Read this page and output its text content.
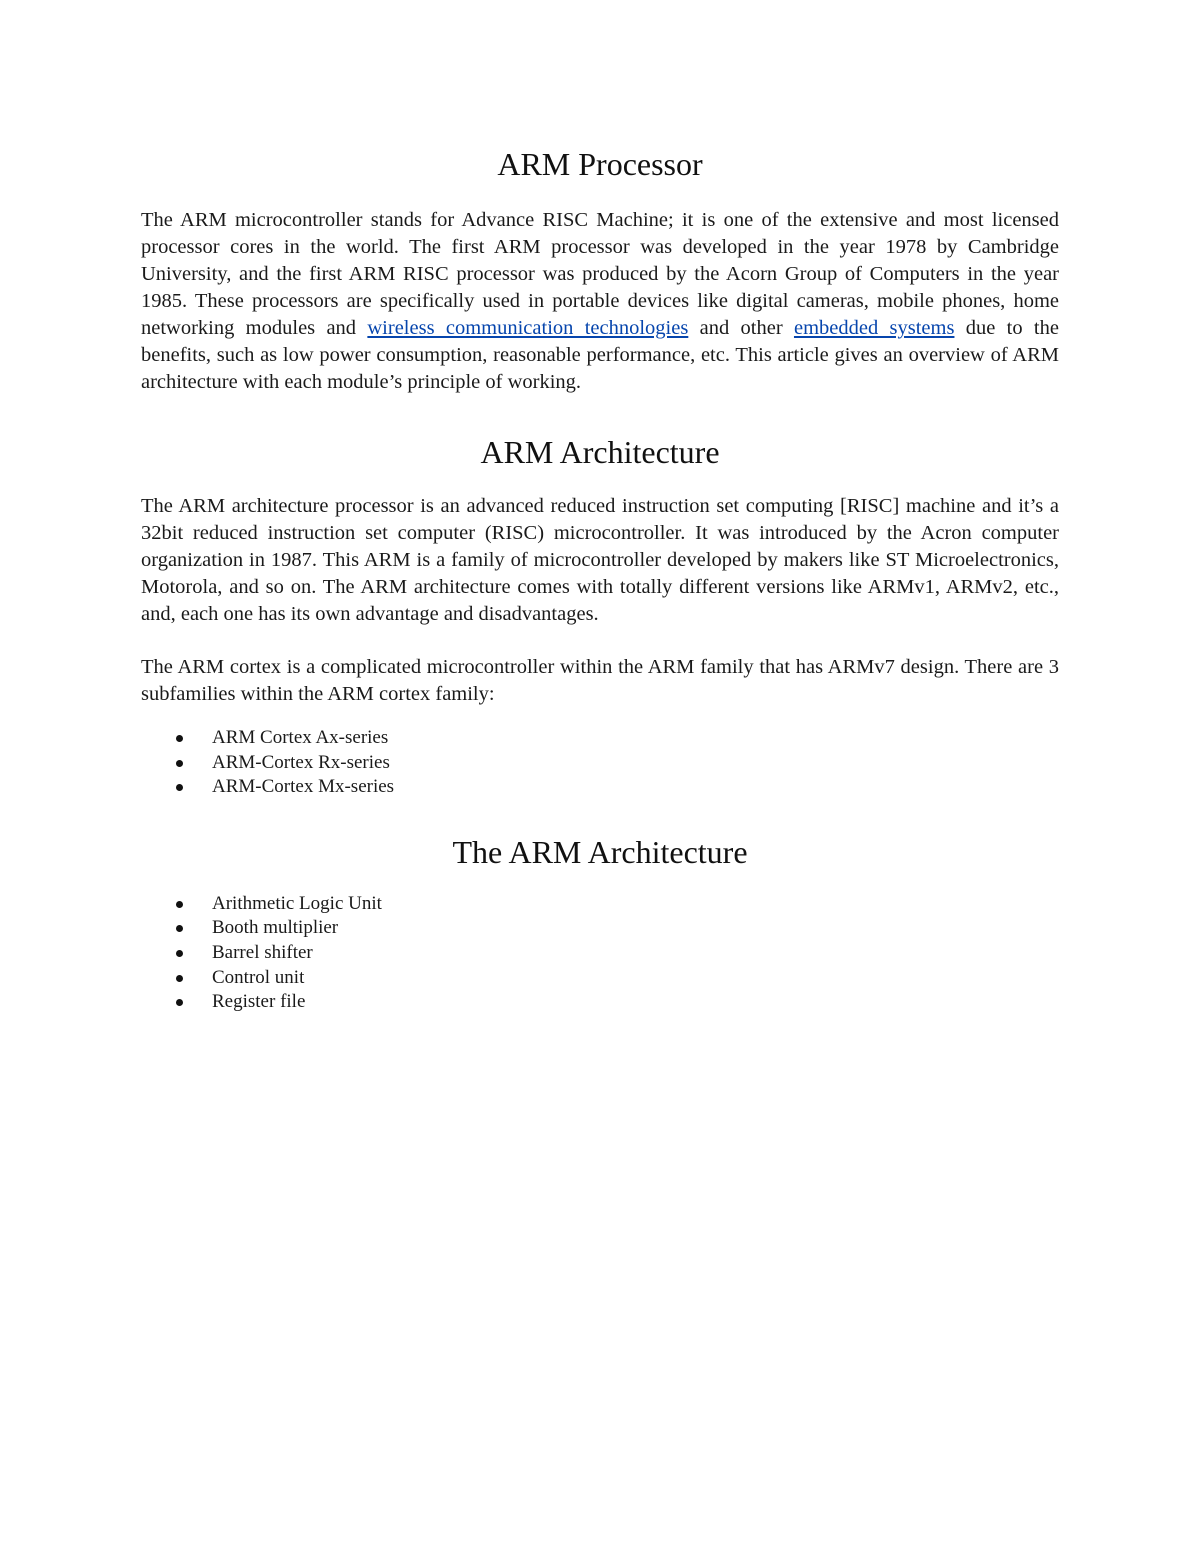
ARM Processor

The ARM microcontroller stands for Advance RISC Machine; it is one of the extensive and most licensed processor cores in the world. The first ARM processor was developed in the year 1978 by Cambridge University, and the first ARM RISC processor was produced by the Acorn Group of Computers in the year 1985. These processors are specifically used in portable devices like digital cameras, mobile phones, home networking modules and wireless communication technologies and other embedded systems due to the benefits, such as low power consumption, reasonable performance, etc. This article gives an overview of ARM architecture with each module’s principle of working.

ARM Architecture

The ARM architecture processor is an advanced reduced instruction set computing [RISC] machine and it’s a 32bit reduced instruction set computer (RISC) microcontroller. It was introduced by the Acron computer organization in 1987. This ARM is a family of microcontroller developed by makers like ST Microelectronics, Motorola, and so on. The ARM architecture comes with totally different versions like ARMv1, ARMv2, etc., and, each one has its own advantage and disadvantages.

The ARM cortex is a complicated microcontroller within the ARM family that has ARMv7 design. There are 3 subfamilies within the ARM cortex family:

ARM Cortex Ax-series
ARM-Cortex Rx-series
ARM-Cortex Mx-series
The ARM Architecture
Arithmetic Logic Unit
Booth multiplier
Barrel shifter
Control unit
Register file
